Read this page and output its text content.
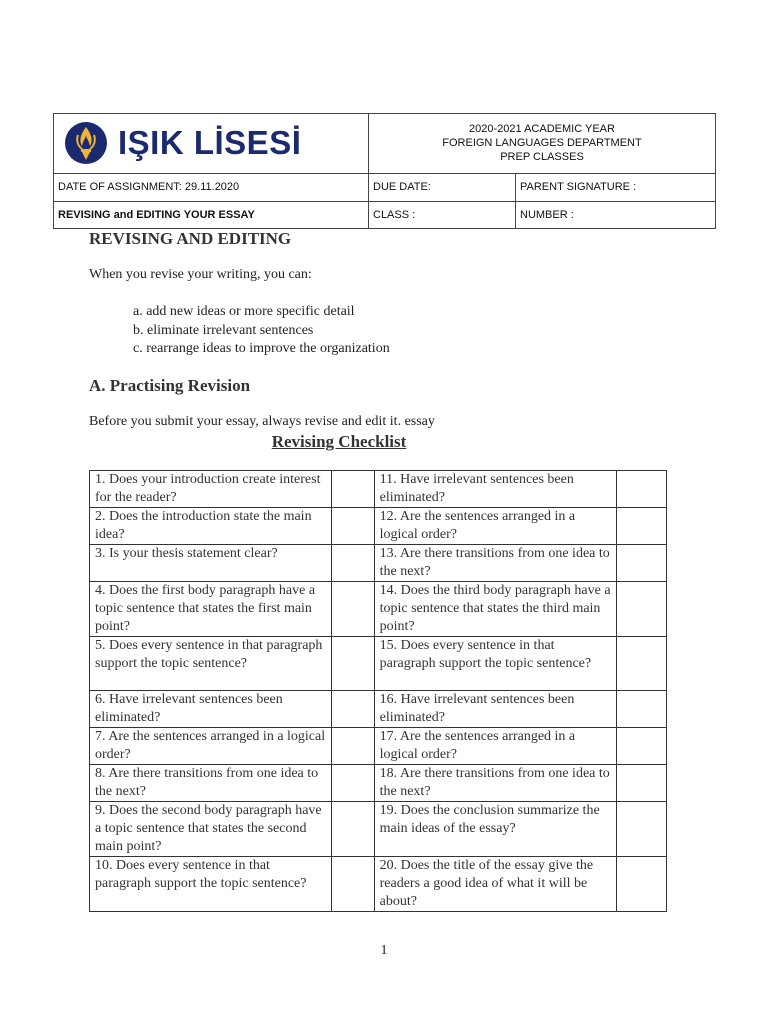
IŞIK LİSESİ	2020-2021 ACADEMIC YEAR
FOREIGN LANGUAGES DEPARTMENT
PREP CLASSES	

DATE OF ASSIGNMENT: 29.11.2020	DUE DATE:	PARENT SIGNATURE :
REVISING and EDITING YOUR ESSAY	CLASS :	NUMBER :
REVISING AND EDITING
When you revise your writing, you can:
a. add new ideas or more specific detail
b. eliminate irrelevant sentences
c. rearrange ideas to improve the organization
A. Practising Revision
Before you submit your essay, always revise and edit it. essay
Revising Checklist
1. Does your introduction create interest for the reader?		11. Have irrelevant sentences been eliminated?	
2. Does the introduction state the main idea?		12. Are the sentences arranged in a logical order?	
3. Is your thesis statement clear?		13. Are there transitions from one idea to the next?	
4. Does the first body paragraph have a topic sentence that states the first main point?		14. Does the third body paragraph have a topic sentence that states the third main point?	
5. Does every sentence in that paragraph support the topic sentence?		15. Does every sentence in that paragraph support the topic sentence?	
6. Have irrelevant sentences been eliminated?		16. Have irrelevant sentences been eliminated?	
7. Are the sentences arranged in a logical order?		17. Are the sentences arranged in a logical order?	
8. Are there transitions from one idea to the next?		18. Are there transitions from one idea to the next?	
9. Does the second body paragraph have a topic sentence that states the second main point?		19. Does the conclusion summarize the main ideas of the essay?	
10. Does every sentence in that paragraph support the topic sentence?		20. Does the title of the essay give the readers a good idea of what it will be about?	
1
